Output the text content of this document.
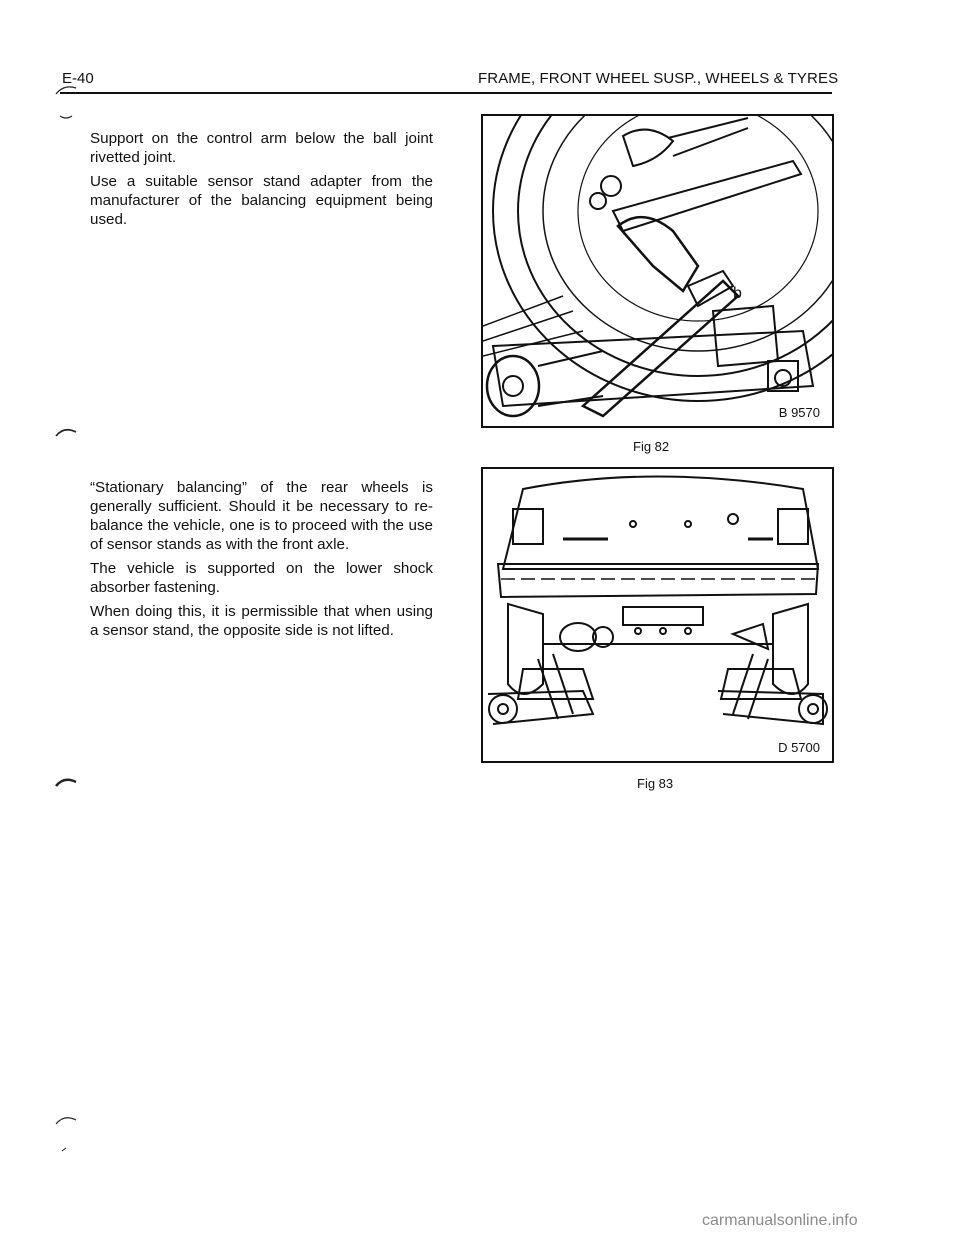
E-40	FRAME, FRONT WHEEL SUSP., WHEELS & TYRES

Support on the control arm below the ball joint rivetted joint.

Use a suitable sensor stand adapter from the manufacturer of the balancing equipment being used.

b
B 9570
Fig 82

“Stationary balancing” of the rear wheels is generally sufficient. Should it be necessary to re-balance the vehicle, one is to proceed with the use of sensor stands as with the front axle.

The vehicle is supported on the lower shock absorber fastening.

When doing this, it is permissible that when using a sensor stand, the opposite side is not lifted.

D 5700
Fig 83
carmanualsonline.info
